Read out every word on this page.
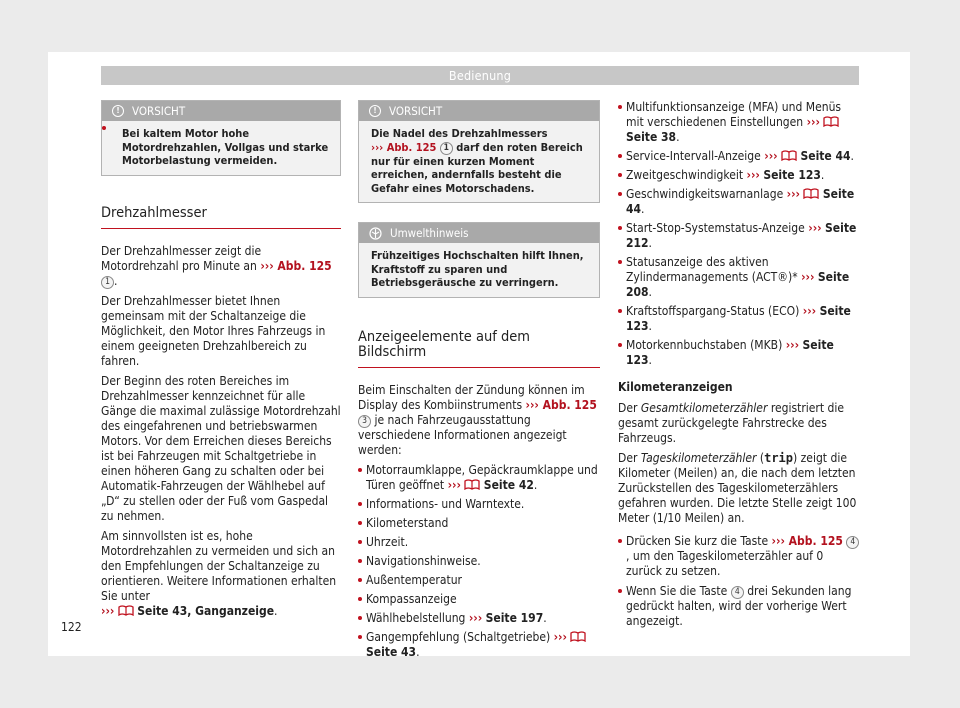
Bedienung
!	VORSICHT
Bei kaltem Motor hohe Motordrehzahlen, Vollgas und starke Motorbelastung vermeiden.
Drehzahlmesser

Der Drehzahlmesser zeigt die Motordrehzahl pro Minute an ››› Abb. 125 1 .

Der Drehzahlmesser bietet Ihnen gemeinsam mit der Schaltanzeige die Möglichkeit, den Motor Ihres Fahrzeugs in einem geeigneten Drehzahlbereich zu fahren.

Der Beginn des roten Bereiches im Drehzahlmesser kennzeichnet für alle Gänge die maximal zulässige Motordrehzahl des eingefahrenen und betriebswarmen Motors. Vor dem Erreichen dieses Bereichs ist bei Fahrzeugen mit Schaltgetriebe in einen höheren Gang zu schalten oder bei Automatik-Fahrzeugen der Wählhebel auf „D“ zu stellen oder der Fuß vom Gaspedal zu nehmen.

Am sinnvollsten ist es, hohe Motordrehzahlen zu vermeiden und sich an den Empfehlungen der Schaltanzeige zu orientieren. Weitere Informationen erhalten Sie unter
››› Seite 43, Ganganzeige.

!	VORSICHT
Die Nadel des Drehzahlmessers
››› Abb. 125 1 darf den roten Bereich nur für einen kurzen Moment erreichen, andernfalls besteht die Gefahr eines Motorschadens.
Umwelthinweis
Frühzeitiges Hochschalten hilft Ihnen, Kraftstoff zu sparen und Betriebsgeräusche zu verringern.
Anzeigeelemente auf dem Bildschirm

Beim Einschalten der Zündung können im Display des Kombiinstruments ››› Abb. 125 3 je nach Fahrzeugausstattung verschiedene Informationen angezeigt werden:

Motorraumklappe, Gepäckraumklappe und Türen geöffnet ››› Seite 42.

Informations- und Warntexte.

Kilometerstand

Uhrzeit.

Navigationshinweise.

Außentemperatur

Kompassanzeige

Wählhebelstellung ››› Seite 197.

Gangempfehlung (Schaltgetriebe) ›››  Seite 43.

Multifunktionsanzeige (MFA) und Menüs mit verschiedenen Einstellungen ›››  Seite 38.

Service-Intervall-Anzeige ››› Seite 44.

Zweitgeschwindigkeit ››› Seite 123.

Geschwindigkeitswarnanlage ››› Seite 44.

Start-Stop-Systemstatus-Anzeige ››› Seite 212.

Statusanzeige des aktiven Zylindermanagements (ACT®)* ››› Seite 208.

Kraftstoffspargang-Status (ECO) ››› Seite 123.

Motorkennbuchstaben (MKB) ››› Seite 123.

Kilometeranzeigen

Der Gesamtkilometerzähler registriert die gesamt zurückgelegte Fahrstrecke des Fahrzeugs.

Der Tageskilometerzähler (trip) zeigt die Kilometer (Meilen) an, die nach dem letzten Zurückstellen des Tageskilometerzählers gefahren wurden. Die letzte Stelle zeigt 100 Meter (1/10 Meilen) an.

Drücken Sie kurz die Taste ››› Abb. 125 4, um den Tageskilometerzähler auf 0 zurück zu setzen.

Wenn Sie die Taste 4 drei Sekunden lang gedrückt halten, wird der vorherige Wert angezeigt.

122
